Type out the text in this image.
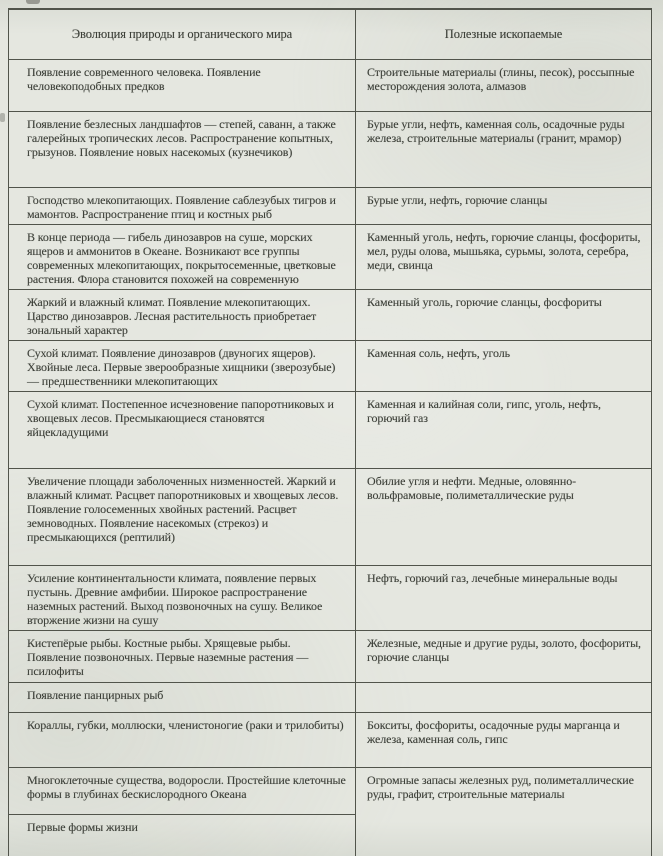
Эволюция природы и органического мира	Полезные ископаемые
Появление современного человека. Появление человекоподобных предков	Строительные материалы (глины, песок), россыпные месторождения золота, алмазов
Появление безлесных ландшафтов — степей, саванн, а также галерейных тропических лесов. Распространение копытных, грызунов. Появление новых насекомых (кузнечиков)	Бурые угли, нефть, каменная соль, осадочные руды железа, строительные материалы (гранит, мрамор)
Господство млекопитающих. Появление саблезубых тигров и мамонтов. Распространение птиц и костных рыб	Бурые угли, нефть, горючие сланцы
В конце периода — гибель динозавров на суше, морских ящеров и аммонитов в Океане. Возникают все группы современных млекопитающих, покрытосеменные, цветковые растения. Флора становится похожей на современную	Каменный уголь, нефть, горючие сланцы, фосфориты, мел, руды олова, мышьяка, сурьмы, золота, серебра, меди, свинца
Жаркий и влажный климат. Появление млекопитающих. Царство динозавров. Лесная растительность приобретает зональный характер	Каменный уголь, горючие сланцы, фосфориты
Сухой климат. Появление динозавров (двуногих ящеров). Хвойные леса. Первые зверообразные хищники (зверозубые) — предшественники млекопитающих	Каменная соль, нефть, уголь
Сухой климат. Постепенное исчезновение папоротниковых и хвощевых лесов. Пресмыкающиеся становятся яйцекладущими	Каменная и калийная соли, гипс, уголь, нефть, горючий газ
Увеличение площади заболоченных низменностей. Жаркий и влажный климат. Расцвет папоротниковых и хвощевых лесов. Появление голосеменных хвойных растений. Расцвет земноводных. Появление насекомых (стрекоз) и пресмыкающихся (рептилий)	Обилие угля и нефти. Медные, оловянно-вольфрамовые, полиметаллические руды
Усиление континентальности климата, появление первых пустынь. Древние амфибии. Широкое распространение наземных растений. Выход позвоночных на сушу. Великое вторжение жизни на сушу	Нефть, горючий газ, лечебные минеральные воды
Кистепёрые рыбы. Костные рыбы. Хрящевые рыбы. Появление позвоночных. Первые наземные растения — псилофиты	Железные, медные и другие руды, золото, фосфориты, горючие сланцы
Появление панцирных рыб	
Кораллы, губки, моллюски, членистоногие (раки и трилобиты)	Бокситы, фосфориты, осадочные руды марганца и железа, каменная соль, гипс
Многоклеточные существа, водоросли. Простейшие клеточные формы в глубинах бескислородного Океана	Огромные запасы железных руд, полиметаллические руды, графит, строительные материалы
Первые формы жизни	
